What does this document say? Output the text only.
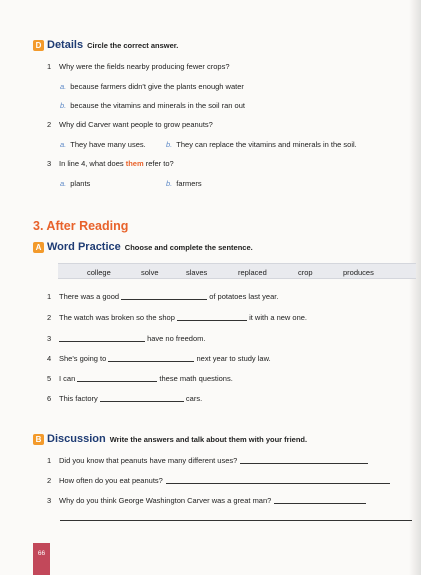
D Details Circle the correct answer.
1 Why were the fields nearby producing fewer crops?
a. because farmers didn't give the plants enough water
b. because the vitamins and minerals in the soil ran out
2 Why did Carver want people to grow peanuts?
a. They have many uses.	b. They can replace the vitamins and minerals in the soil.
3 In line 4, what does them refer to?
a. plants	b. farmers
3. After Reading
A Word Practice Choose and complete the sentence.
college	solve	slaves	replaced	crop	produces
1 There was a good	of potatoes last year.
2 The watch was broken so the shop	it with a new one.
3	have no freedom.
4 She's going to	next year to study law.
5 I can	these math questions.
6 This factory	cars.
B Discussion Write the answers and talk about them with your friend.
1 Did you know that peanuts have many different uses?
2 How often do you eat peanuts?
3 Why do you think George Washington Carver was a great man?
66
